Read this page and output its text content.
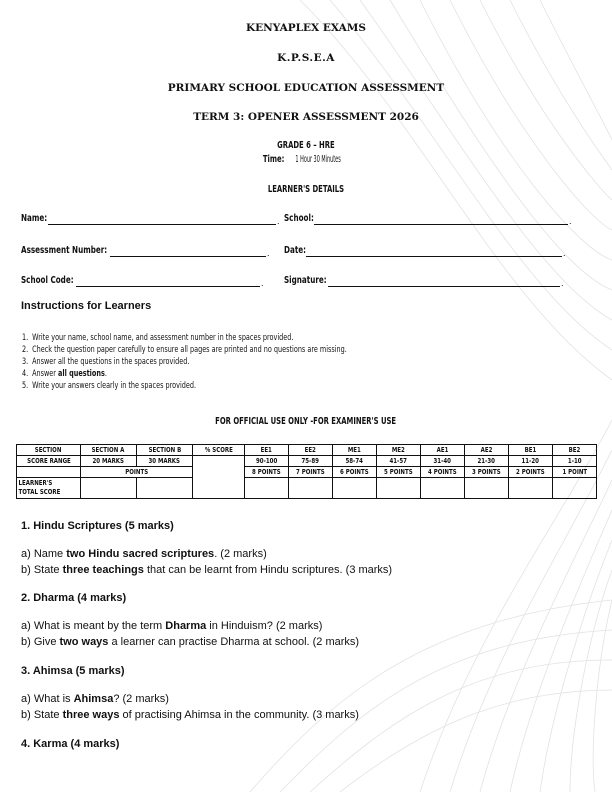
KENYAPLEX EXAMS
K.P.S.E.A
PRIMARY SCHOOL EDUCATION ASSESSMENT
TERM 3: OPENER ASSESSMENT 2026
GRADE 6 – HRE
Time: 1 Hour 30 Minutes
LEARNER'S DETAILS
Name:	. School:	.
Assessment Number:	. Date:	.
School Code:	. Signature:	.
Instructions for Learners
1. Write your name, school name, and assessment number in the spaces provided.
2. Check the question paper carefully to ensure all pages are printed and no questions are missing.
3. Answer all the questions in the spaces provided.
4. Answer all questions.
5. Write your answers clearly in the spaces provided.
FOR OFFICIAL USE ONLY -FOR EXAMINER'S USE
SECTION	SECTION A	SECTION B	% SCORE	EE1	EE2	ME1	ME2	AE1	AE2	BE1	BE2
SCORE RANGE	20 MARKS	30 MARKS		90-100	75-89	58-74	41-57	31-40	21-30	11-20	1-10
	POINTS			8 POINTS	7 POINTS	6 POINTS	5 POINTS	4 POINTS	3 POINTS	2 POINTS	1 POINT
LEARNER'S
TOTAL SCORE											
1. Hindu Scriptures (5 marks)
a) Name two Hindu sacred scriptures. (2 marks)
b) State three teachings that can be learnt from Hindu scriptures. (3 marks)
2. Dharma (4 marks)
a) What is meant by the term Dharma in Hinduism? (2 marks)
b) Give two ways a learner can practise Dharma at school. (2 marks)
3. Ahimsa (5 marks)
a) What is Ahimsa? (2 marks)
b) State three ways of practising Ahimsa in the community. (3 marks)
4. Karma (4 marks)
